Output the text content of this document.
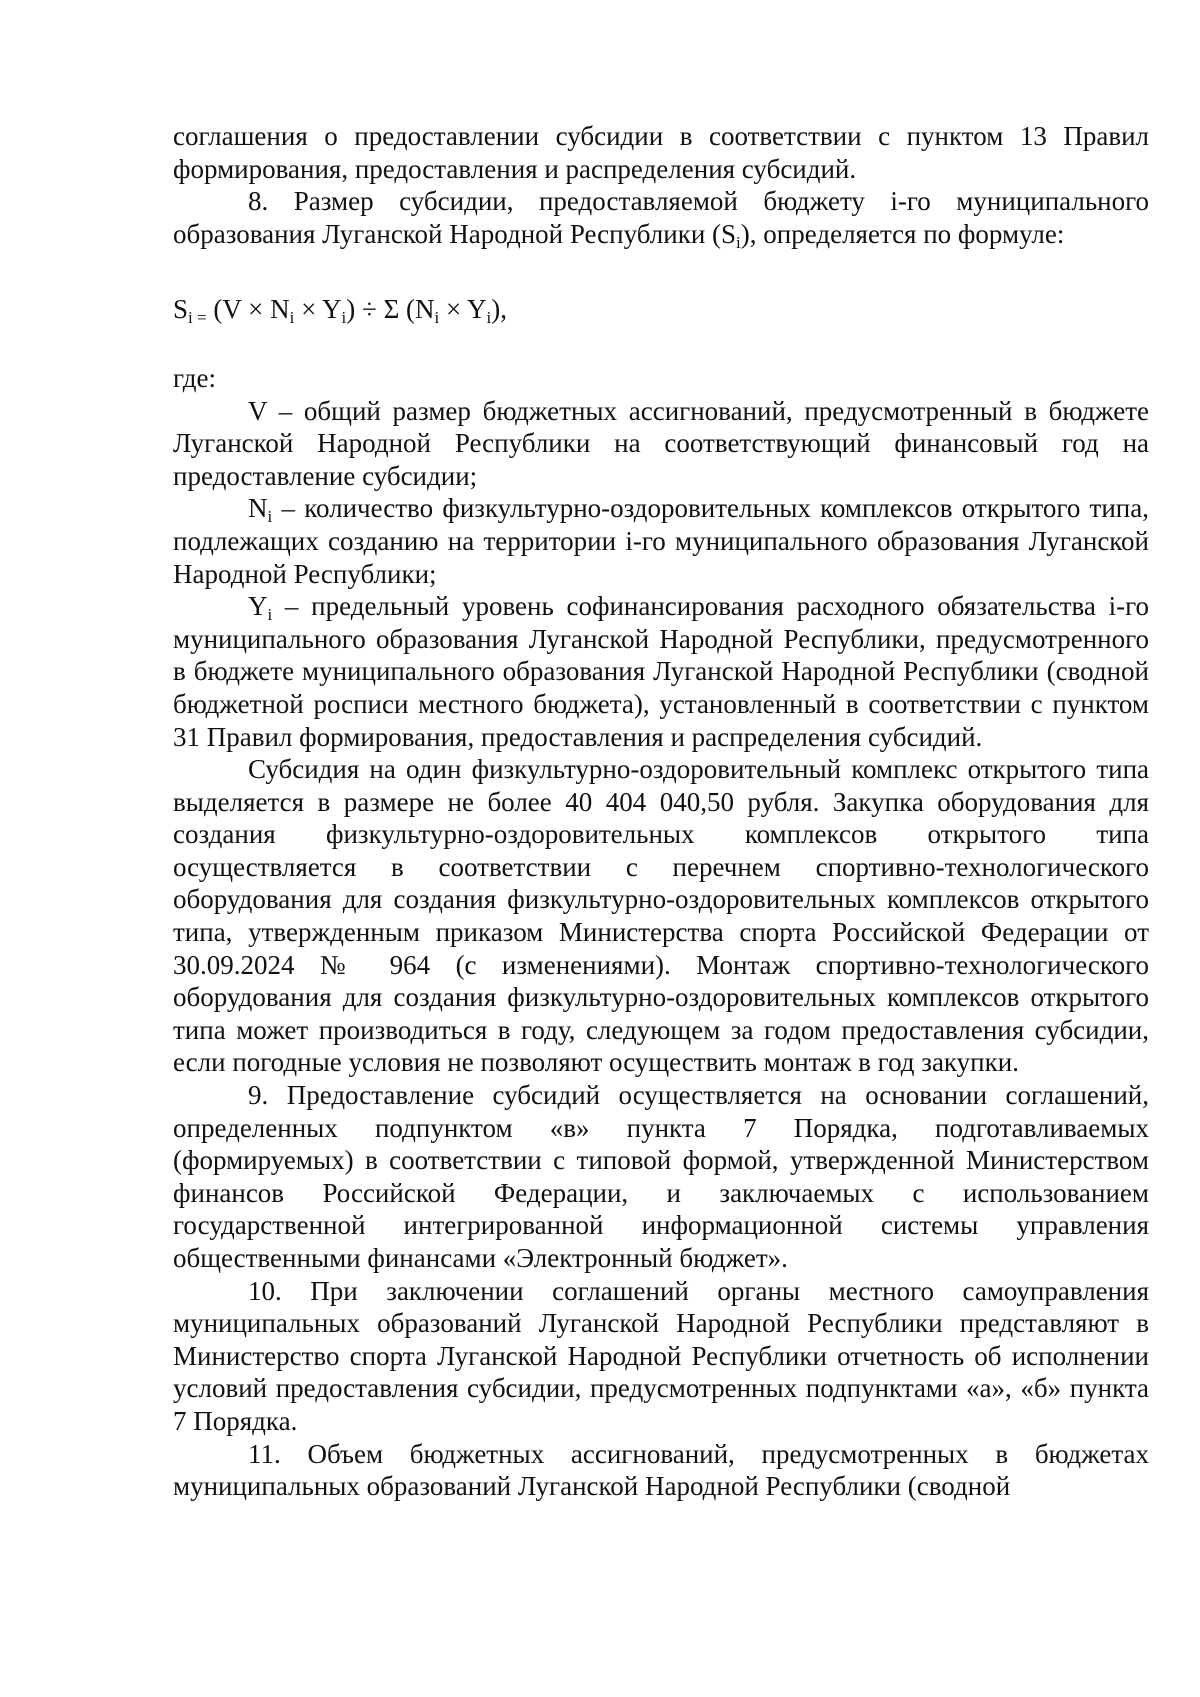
соглашения о предоставлении субсидии в соответствии с пунктом 13 Правил формирования, предоставления и распределения субсидий.

8. Размер субсидии, предоставляемой бюджету i-го муниципального образования Луганской Народной Республики $(S_i)$, определяется по формуле:

$S_{i =}$ $(V \times N_i \times Y_i) \div \Sigma$ $(N_i \times Y_i)$,

где:

V – общий размер бюджетных ассигнований, предусмотренный в бюджете Луганской Народной Республики на соответствующий финансовый год на предоставление субсидии;

$N_i$ – количество физкультурно-оздоровительных комплексов открытого типа, подлежащих созданию на территории i-го муниципального образования Луганской Народной Республики;

$Y_i$ – предельный уровень софинансирования расходного обязательства i-го муниципального образования Луганской Народной Республики, предусмотренного в бюджете муниципального образования Луганской Народной Республики (сводной бюджетной росписи местного бюджета), установленный в соответствии с пунктом 31 Правил формирования, предоставления и распределения субсидий.

Субсидия на один физкультурно-оздоровительный комплекс открытого типа выделяется в размере не более 40 404 040,50 рубля. Закупка оборудования для создания физкультурно-оздоровительных комплексов открытого типа осуществляется в соответствии с перечнем спортивно-технологического оборудования для создания физкультурно-оздоровительных комплексов открытого типа, утвержденным приказом Министерства спорта Российской Федерации от 30.09.2024 № 964 (с изменениями). Монтаж спортивно-технологического оборудования для создания физкультурно-оздоровительных комплексов открытого типа может производиться в году, следующем за годом предоставления субсидии, если погодные условия не позволяют осуществить монтаж в год закупки.

9. Предоставление субсидий осуществляется на основании соглашений, определенных подпунктом «в» пункта 7 Порядка, подготавливаемых (формируемых) в соответствии с типовой формой, утвержденной Министерством финансов Российской Федерации, и заключаемых с использованием государственной интегрированной информационной системы управления общественными финансами «Электронный бюджет».

10. При заключении соглашений органы местного самоуправления муниципальных образований Луганской Народной Республики представляют в Министерство спорта Луганской Народной Республики отчетность об исполнении условий предоставления субсидии, предусмотренных подпунктами «а», «б» пункта 7 Порядка.

11. Объем бюджетных ассигнований, предусмотренных в бюджетах муниципальных образований Луганской Народной Республики (сводной
